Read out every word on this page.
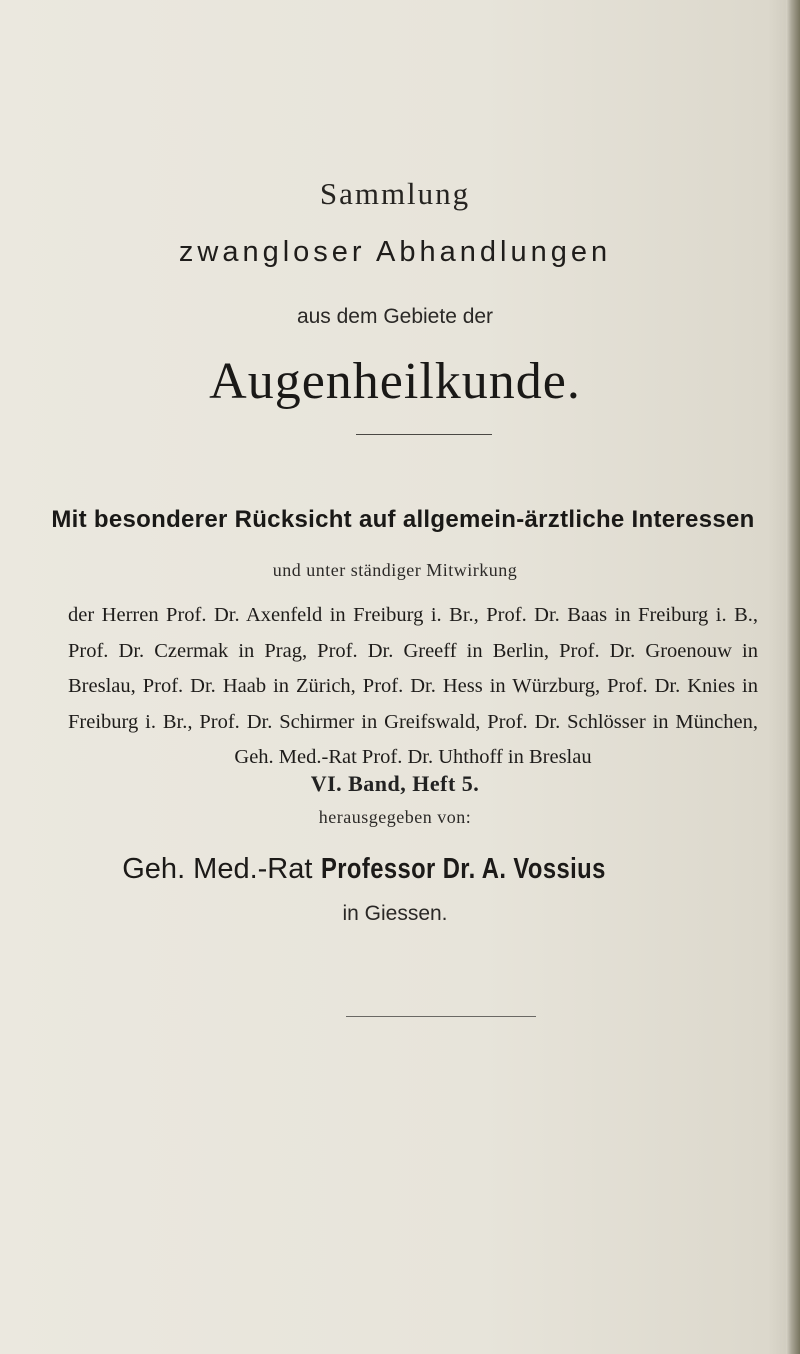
Sammlung
zwangloser Abhandlungen
aus dem Gebiete der
Augenheilkunde.
Mit besonderer Rücksicht auf allgemein-ärztliche Interessen
und unter ständiger Mitwirkung
der Herren Prof. Dr. Axenfeld in Freiburg i. Br., Prof. Dr. Baas in Freiburg i. B., Prof. Dr. Czermak in Prag, Prof. Dr. Greeff in Berlin, Prof. Dr. Groenouw in Breslau, Prof. Dr. Haab in Zürich, Prof. Dr. Hess in Würzburg, Prof. Dr. Knies in Freiburg i. Br., Prof. Dr. Schirmer in Greifswald, Prof. Dr. Schlösser in München, Geh. Med.-Rat Prof. Dr. Uhthoff in Breslau
herausgegeben von:
Geh. Med.-Rat Professor Dr. A. Vossius
in Giessen.
VI. Band, Heft 5.
